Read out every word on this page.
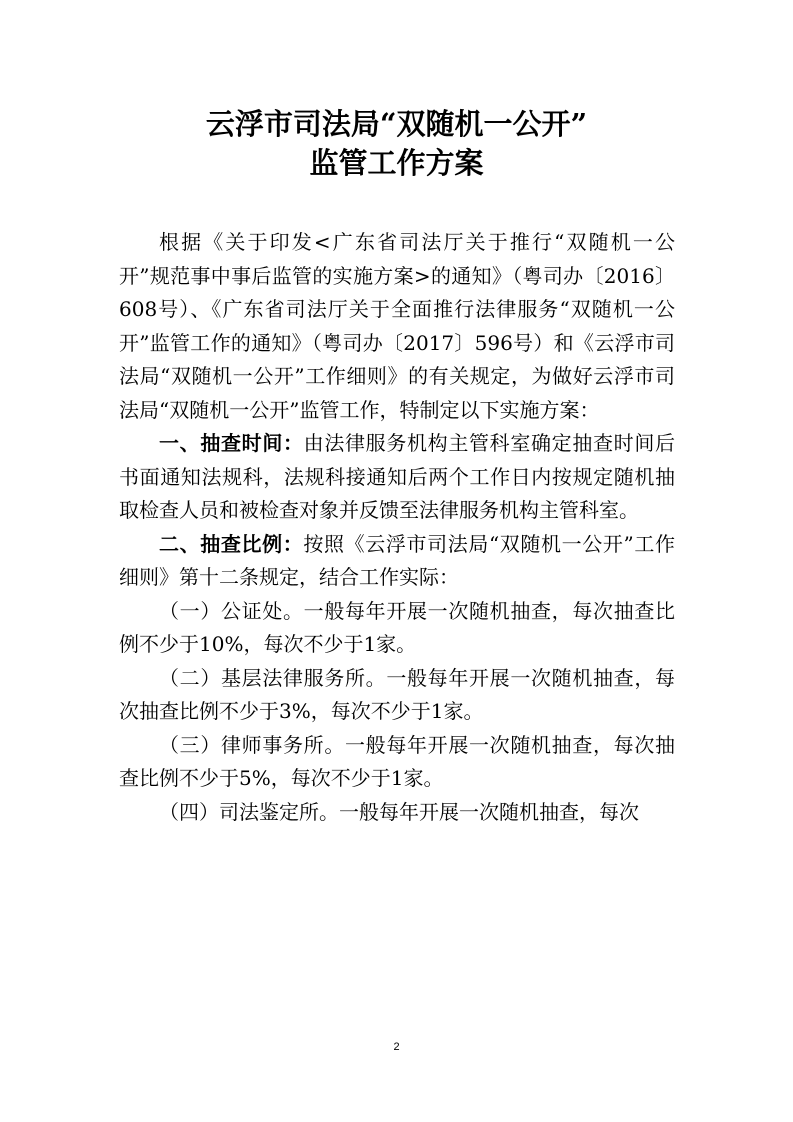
云浮市司法局“双随机一公开”
监管工作方案

根据《关于印发<广东省司法厅关于推行“双随机一公开”规范事中事后监管的实施方案>的通知》（粤司办〔2016〕608号）、《广东省司法厅关于全面推行法律服务“双随机一公开”监管工作的通知》（粤司办〔2017〕596号）和《云浮市司法局“双随机一公开”工作细则》的有关规定，为做好云浮市司法局“双随机一公开”监管工作，特制定以下实施方案：

一、抽查时间：由法律服务机构主管科室确定抽查时间后书面通知法规科，法规科接通知后两个工作日内按规定随机抽取检查人员和被检查对象并反馈至法律服务机构主管科室。

二、抽查比例：按照《云浮市司法局“双随机一公开”工作细则》第十二条规定，结合工作实际：

（一）公证处。一般每年开展一次随机抽查，每次抽查比例不少于10%，每次不少于1家。

（二）基层法律服务所。一般每年开展一次随机抽查，每次抽查比例不少于3%，每次不少于1家。

（三）律师事务所。一般每年开展一次随机抽查，每次抽查比例不少于5%，每次不少于1家。

（四）司法鉴定所。一般每年开展一次随机抽查，每次

2
